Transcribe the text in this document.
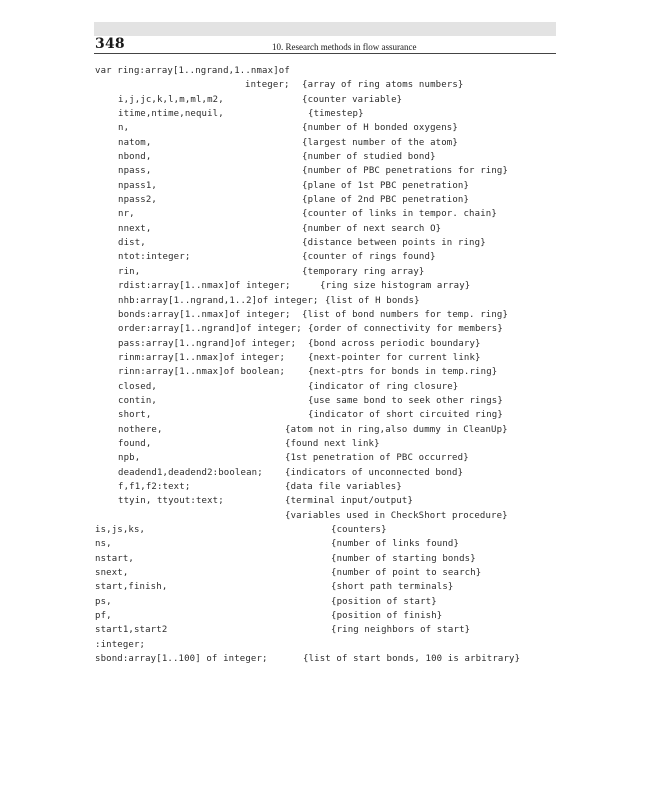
348	10. Research methods in flow assurance
var ring:array[1..ngrand,1..nmax]of
integer; {array of ring atoms numbers}
i,j,jc,k,l,m,ml,m2,	{counter variable}
itime,ntime,nequil,	{timestep}
n,	{number of H bonded oxygens}
natom,	{largest number of the atom}
nbond,	{number of studied bond}
npass,	{number of PBC penetrations for ring}
npass1,	{plane of 1st PBC penetration}
npass2,	{plane of 2nd PBC penetration}
nr,	{counter of links in tempor. chain}
nnext,	{number of next search O}
dist,	{distance between points in ring}
ntot:integer;	{counter of rings found}
rin,	{temporary ring array}
rdist:array[1..nmax]of integer;	{ring size histogram array}
nhb:array[1..ngrand,1..2]of integer; {list of H bonds}
bonds:array[1..nmax]of integer; {list of bond numbers for temp. ring}
order:array[1..ngrand]of integer; {order of connectivity for members}
pass:array[1..ngrand]of integer; {bond across periodic boundary}
rinm:array[1..nmax]of integer;	{next-pointer for current link}
rinn:array[1..nmax]of boolean;	{next-ptrs for bonds in temp.ring}
closed,	{indicator of ring closure}
contin,	{use same bond to seek other rings}
short,	{indicator of short circuited ring}
nothere,	{atom not in ring,also dummy in CleanUp}
found,	{found next link}
npb,	{1st penetration of PBC occurred}
deadend1,deadend2:boolean; {indicators of unconnected bond}
f,f1,f2:text;	{data file variables}
ttyin, ttyout:text;	{terminal input/output}
{variables used in CheckShort procedure}
is,js,ks,	{counters}
ns,	{number of links found}
nstart,	{number of starting bonds}
snext,	{number of point to search}
start,finish,	{short path terminals}
ps,	{position of start}
pf,	{position of finish}
start1,start2	{ring neighbors of start}
:integer;
sbond:array[1..100] of integer;	{list of start bonds, 100 is arbitrary}
